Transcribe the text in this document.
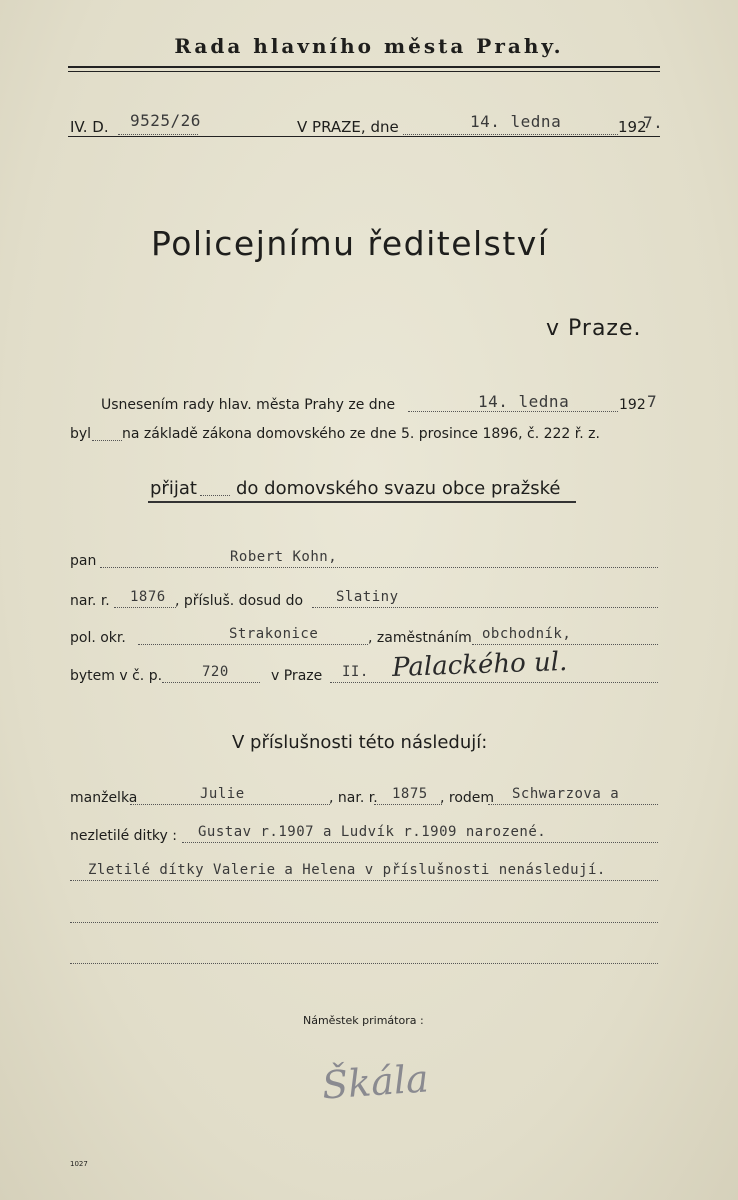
Rada hlavního města Prahy.
IV. D. 9525/26	V PRAZE, dne	14. ledna	192
7.
Policejnímu ředitelství
v Praze.
Usnesením rady hlav. města Prahy ze dne	14. ledna	192 7
byl na základě zákona domovského ze dne 5. prosince 1896, č. 222 ř. z.
přijat do domovského svazu obce pražské
pan	Robert Kohn,
nar. r. 1876 , přísluš. dosud do Slatiny
pol. okr.	Strakonice	, zaměstnáním obchodník,
bytem v č. p.	720	v Praze II. Palackého ul.
V příslušnosti této následují:
manželka	Julie	, nar. r. 1875 , rodem Schwarzova a
nezletilé ditky : Gustav r.1907 a Ludvík r.1909 narozené.
Zletilé dítky Valerie a Helena v příslušnosti nenásledují.
Náměstek primátora :
Škála
1027
